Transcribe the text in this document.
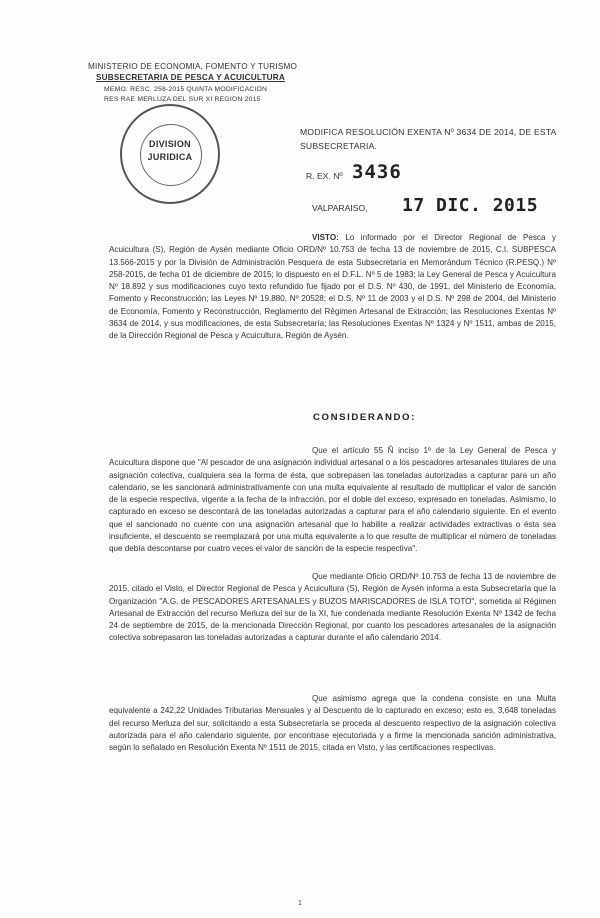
MINISTERIO DE ECONOMIA, FOMENTO Y TURISMO
SUBSECRETARIA DE PESCA Y ACUICULTURA
MEMO. RESC. 258-2015 QUINTA MODIFICACION
RES RAE MERLUZA DEL SUR XI REGION 2015
DIVISION
JURIDICA
MODIFICA RESOLUCIÓN EXENTA Nº 3634 DE 2014, DE ESTA SUBSECRETARIA.
R. EX. Nº 3436
VALPARAISO, 17 DIC. 2015
VISTO: Lo informado por el Director Regional de Pesca y Acuicultura (S), Región de Aysén mediante Oficio ORD/Nº 10.753 de fecha 13 de noviembre de 2015, C.I. SUBPESCA 13.566-2015 y por la División de Administración Pesquera de esta Subsecretaría en Memorándum Técnico (R.PESQ.) Nº 258-2015, de fecha 01 de diciembre de 2015; lo dispuesto en el D.F.L. Nº 5 de 1983; la Ley General de Pesca y Acuicultura Nº 18.892 y sus modificaciones cuyo texto refundido fue fijado por el D.S. Nº 430, de 1991, del Ministerio de Economía, Fomento y Reconstrucción; las Leyes Nº 19.880, Nº 20528; el D.S. Nº 11 de 2003 y el D.S. Nº 298 de 2004, del Ministerio de Economía, Fomento y Reconstrucción, Reglamento del Régimen Artesanal de Extracción; las Resoluciones Exentas Nº 3634 de 2014, y sus modificaciones, de esta Subsecretaría; las Resoluciones Exentas Nº 1324 y Nº 1511, ambas de 2015, de la Dirección Regional de Pesca y Acuicultura, Región de Aysén.
CONSIDERANDO:
Que el artículo 55 Ñ inciso 1º de la Ley General de Pesca y Acuicultura dispone que "Al pescador de una asignación individual artesanal o a los pescadores artesanales titulares de una asignación colectiva, cualquiera sea la forma de ésta, que sobrepasen las toneladas autorizadas a capturar para un año calendario, se les sancionará administrativamente con una multa equivalente al resultado de multiplicar el valor de sanción de la especie respectiva, vigente a la fecha de la infracción, por el doble del exceso, expresado en toneladas. Asimismo, lo capturado en exceso se descontará de las toneladas autorizadas a capturar para el año calendario siguiente. En el evento que el sancionado no cuente con una asignación artesanal que lo habilite a realizar actividades extractivas o ésta sea insuficiente, el descuento se reemplazará por una multa equivalente a lo que resulte de multiplicar el número de toneladas que debía descontarse por cuatro veces el valor de sanción de la especie respectiva".
Que mediante Oficio ORD/Nº 10.753 de fecha 13 de noviembre de 2015, citado el Visto, el Director Regional de Pesca y Acuicultura (S), Región de Aysén informa a esta Subsecretaría que la Organización "A.G. de PESCADORES ARTESANALES y BUZOS MARISCADORES de ISLA TOTO", sometida al Régimen Artesanal de Extracción del recurso Merluza del sur de la XI, fue condenada mediante Resolución Exenta Nº 1342 de fecha 24 de septiembre de 2015, de la mencionada Dirección Regional, por cuanto los pescadores artesanales de la asignación colectiva sobrepasaron las toneladas autorizadas a capturar durante el año calendario 2014.
Que asimismo agrega que la condena consiste en una Multa equivalente a 242,22 Unidades Tributarias Mensuales y al Descuento de lo capturado en exceso; esto es, 3,648 toneladas del recurso Merluza del sur, solicitando a esta Subsecretaría se proceda al descuento respectivo de la asignación colectiva autorizada para el año calendario siguiente, por encontrase ejecutoriada y a firme la mencionada sanción administrativa, según lo señalado en Resolución Exenta Nº 1511 de 2015, citada en Visto, y las certificaciones respectivas.
1
